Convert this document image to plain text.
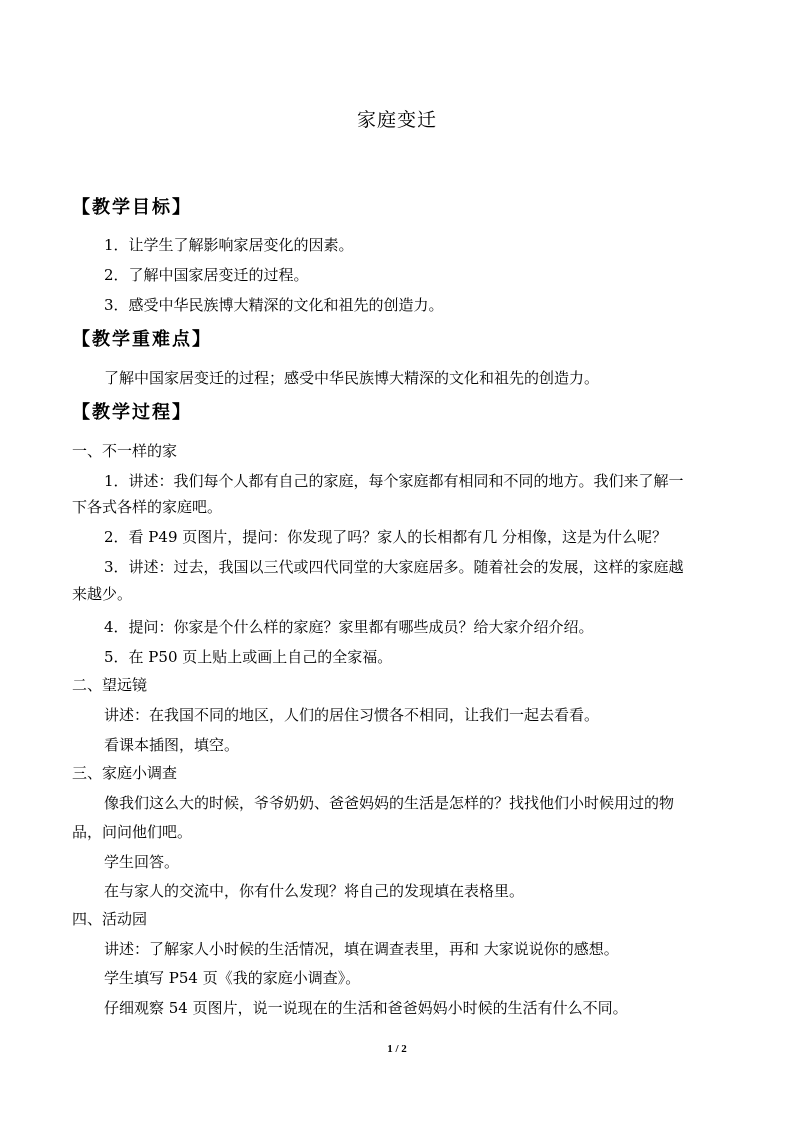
家庭变迁
【教学目标】
1．让学生了解影响家居变化的因素。
2．了解中国家居变迁的过程。
3．感受中华民族博大精深的文化和祖先的创造力。
【教学重难点】
了解中国家居变迁的过程；感受中华民族博大精深的文化和祖先的创造力。
【教学过程】
一、不一样的家
1．讲述：我们每个人都有自己的家庭，每个家庭都有相同和不同的地方。我们来了解一
下各式各样的家庭吧。
2．看 P49 页图片，提问：你发现了吗？家人的长相都有几 分相像，这是为什么呢？
3．讲述：过去，我国以三代或四代同堂的大家庭居多。随着社会的发展，这样的家庭越
来越少。
4．提问：你家是个什么样的家庭？家里都有哪些成员？给大家介绍介绍。
5．在 P50 页上贴上或画上自己的全家福。
二、望远镜
讲述：在我国不同的地区，人们的居住习惯各不相同，让我们一起去看看。
看课本插图，填空。
三、家庭小调查
像我们这么大的时候，爷爷奶奶、爸爸妈妈的生活是怎样的？找找他们小时候用过的物
品，问问他们吧。
学生回答。
在与家人的交流中，你有什么发现？将自己的发现填在表格里。
四、活动园
讲述：了解家人小时候的生活情况，填在调查表里，再和 大家说说你的感想。
学生填写 P54 页《我的家庭小调查》。
仔细观察 54 页图片，说一说现在的生活和爸爸妈妈小时候的生活有什么不同。
1 / 2
